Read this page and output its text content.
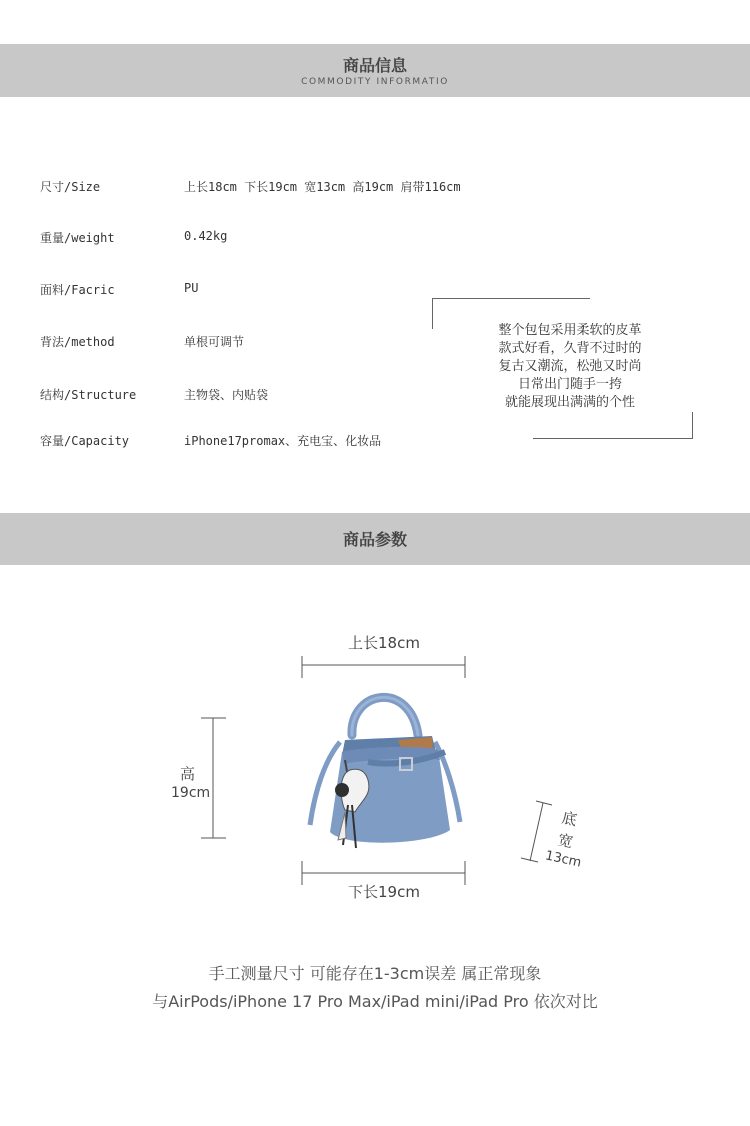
商品信息
COMMODITY INFORMATIO
尺寸/Size	上长18cm 下长19cm 宽13cm 高19cm 肩带116cm
重量/weight	0.42kg
面料/Facric	PU
背法/method	单根可调节
结构/Structure	主物袋、内贴袋
容量/Capacity	iPhone17promax、充电宝、化妆品
整个包包采用柔软的皮革
款式好看，久背不过时的
复古又潮流，松弛又时尚
日常出门随手一挎
就能展现出满满的个性
商品参数
上长18cm
高
19cm
下长19cm
底
宽
13cm
手工测量尺寸 可能存在1-3cm误差 属正常现象
与AirPods/iPhone 17 Pro Max/iPad mini/iPad Pro 依次对比
